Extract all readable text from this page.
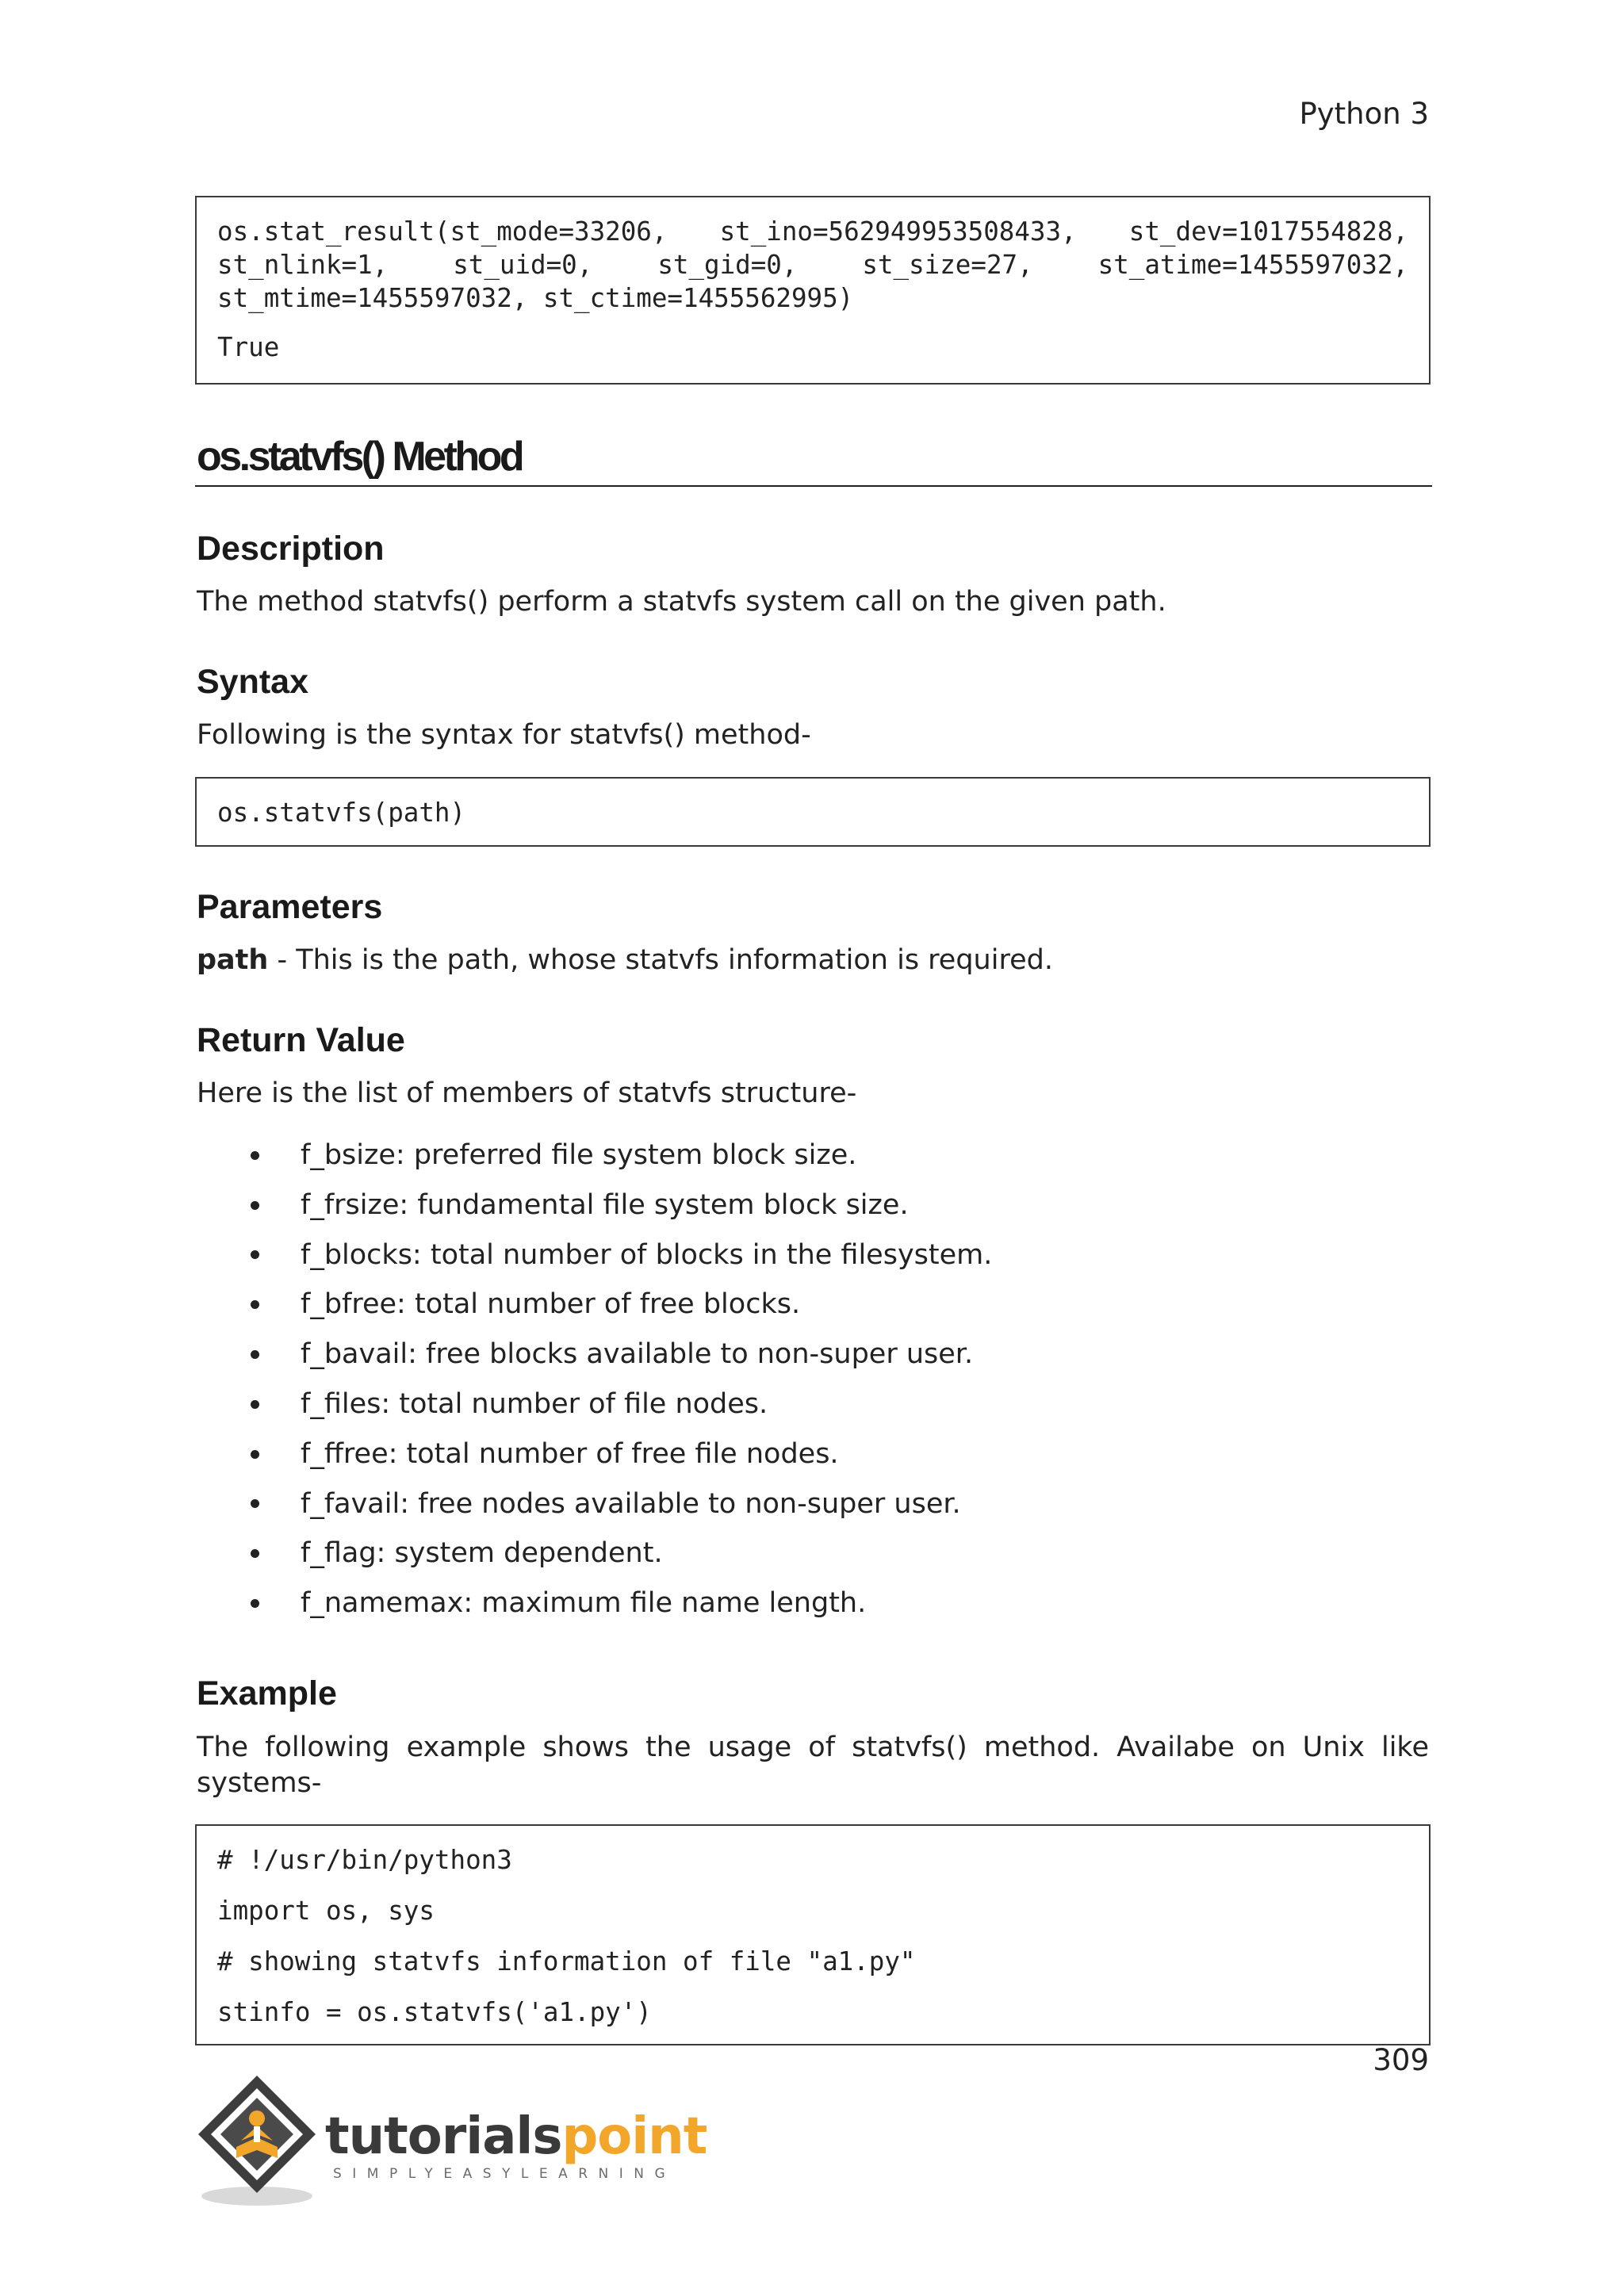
Python 3
os.stat_result(st_mode=33206, st_ino=562949953508433, st_dev=1017554828,
st_nlink=1,	st_uid=0,	st_gid=0,	st_size=27,	st_atime=1455597032,
st_mtime=1455597032, st_ctime=1455562995)
True
os.statvfs() Method
Description
The method statvfs() perform a statvfs system call on the given path.
Syntax
Following is the syntax for statvfs() method-
os.statvfs(path)
Parameters
path - This is the path, whose statvfs information is required.
Return Value
Here is the list of members of statvfs structure-
f_bsize: preferred file system block size.
f_frsize: fundamental file system block size.
f_blocks: total number of blocks in the filesystem.
f_bfree: total number of free blocks.
f_bavail: free blocks available to non-super user.
f_files: total number of file nodes.
f_ffree: total number of free file nodes.
f_favail: free nodes available to non-super user.
f_flag: system dependent.
f_namemax: maximum file name length.
Example
The following example shows the usage of statvfs() method. Availabe on Unix like
systems-
# !/usr/bin/python3
import os, sys
# showing statvfs information of file "a1.py"
stinfo = os.statvfs('a1.py')
309
tutorialspoint
SIMPLYEASYLEARNING
